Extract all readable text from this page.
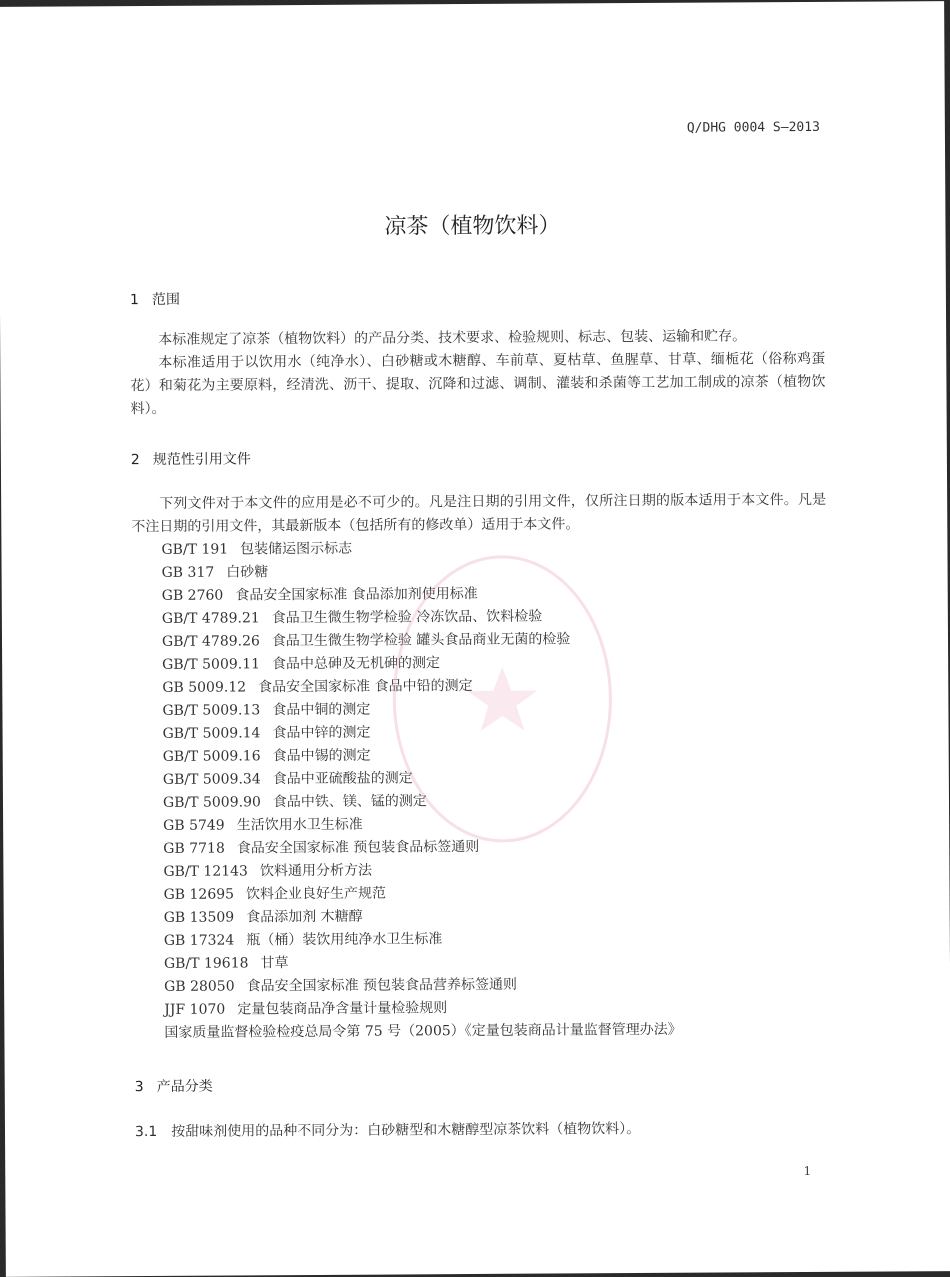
Q/DHG 0004 S—2013
凉茶（植物饮料）
1 范围
本标准规定了凉茶（植物饮料）的产品分类、技术要求、检验规则、标志、包装、运输和贮存。
本标准适用于以饮用水（纯净水）、白砂糖或木糖醇、车前草、夏枯草、鱼腥草、甘草、缅栀花（俗称鸡蛋花）和菊花为主要原料，经清洗、沥干、提取、沉降和过滤、调制、灌装和杀菌等工艺加工制成的凉茶（植物饮料）。
2 规范性引用文件
下列文件对于本文件的应用是必不可少的。凡是注日期的引用文件，仅所注日期的版本适用于本文件。凡是不注日期的引用文件，其最新版本（包括所有的修改单）适用于本文件。
GB/T 191 包装储运图示标志
GB 317 白砂糖
GB 2760 食品安全国家标准 食品添加剂使用标准
GB/T 4789.21 食品卫生微生物学检验 冷冻饮品、饮料检验
GB/T 4789.26 食品卫生微生物学检验 罐头食品商业无菌的检验
GB/T 5009.11 食品中总砷及无机砷的测定
GB 5009.12 食品安全国家标准 食品中铅的测定
GB/T 5009.13 食品中铜的测定
GB/T 5009.14 食品中锌的测定
GB/T 5009.16 食品中锡的测定
GB/T 5009.34 食品中亚硫酸盐的测定
GB/T 5009.90 食品中铁、镁、锰的测定
GB 5749 生活饮用水卫生标准
GB 7718 食品安全国家标准 预包装食品标签通则
GB/T 12143 饮料通用分析方法
GB 12695 饮料企业良好生产规范
GB 13509 食品添加剂 木糖醇
GB 17324 瓶（桶）装饮用纯净水卫生标准
GB/T 19618 甘草
GB 28050 食品安全国家标准 预包装食品营养标签通则
JJF 1070 定量包装商品净含量计量检验规则
国家质量监督检验检疫总局令第 75 号（2005）《定量包装商品计量监督管理办法》
3 产品分类
3.1 按甜味剂使用的品种不同分为：白砂糖型和木糖醇型凉茶饮料（植物饮料）。
1
